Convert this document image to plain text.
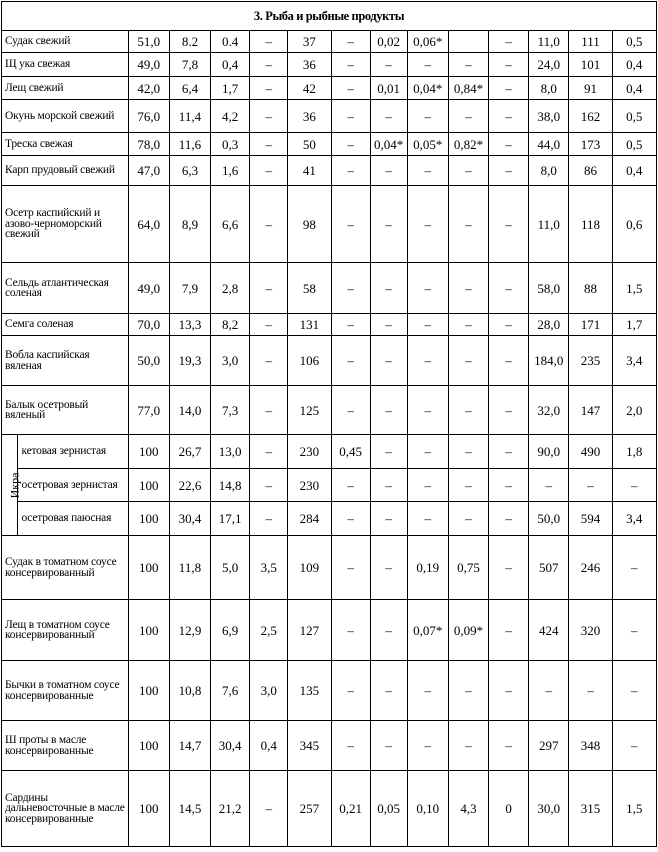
3. Рыба и рыбные продукты														
Судак свежий		51,0	8.2	0.4	–	37	–	0,02	0,06*		–	11,0	111	0,5
Щ ука свежая		49,0	7,8	0,4	–	36	–	–	–	–	–	24,0	101	0,4
Лещ свежий		42,0	6,4	1,7	–	42	–	0,01	0,04*	0,84*	–	8,0	91	0,4
Окунь морской свежий		76,0	11,4	4,2	–	36	–	–	–	–	–	38,0	162	0,5
Треска свежая		78,0	11,6	0,3	–	50	–	0,04*	0,05*	0,82*	–	44,0	173	0,5
Карп прудовый свежий		47,0	6,3	1,6	–	41	–	–	–	–	–	8,0	86	0,4
Осетр каспийский и азово-черноморский свежий		64,0	8,9	6,6	–	98	–	–	–	–	–	11,0	118	0,6
Сельдь атлантическая соленая		49,0	7,9	2,8	–	58	–	–	–	–	–	58,0	88	1,5
Семга соленая		70,0	13,3	8,2	–	131	–	–	–	–	–	28,0	171	1,7
Вобла каспийская вяленая		50,0	19,3	3,0	–	106	–	–	–	–	–	184,0	235	3,4
Балык осетровый вяленый		77,0	14,0	7,3	–	125	–	–	–	–	–	32,0	147	2,0
Икра	кетовая зернистая	100	26,7	13,0	–	230	0,45	–	–	–	–	90,0	490	1,8
	осетровая зернистая	100	22,6	14,8	–	230	–	–	–	–	–	–	–	–
	осетровая паюсная	100	30,4	17,1	–	284	–	–	–	–	–	50,0	594	3,4
Судак в томатном соусе консервированный		100	11,8	5,0	3,5	109	–	–	0,19	0,75	–	507	246	–
Лещ в томатном соусе консервированный		100	12,9	6,9	2,5	127	–	–	0,07*	0,09*	–	424	320	–
Бычки в томатном соусе консервированные		100	10,8	7,6	3,0	135	–	–	–	–	–	–	–	–
Ш проты в масле консервированные		100	14,7	30,4	0,4	345	–	–	–	–	–	297	348	–
Сардины дальневосточные в масле консервированные		100	14,5	21,2	–	257	0,21	0,05	0,10	4,3	0	30,0	315	1,5
